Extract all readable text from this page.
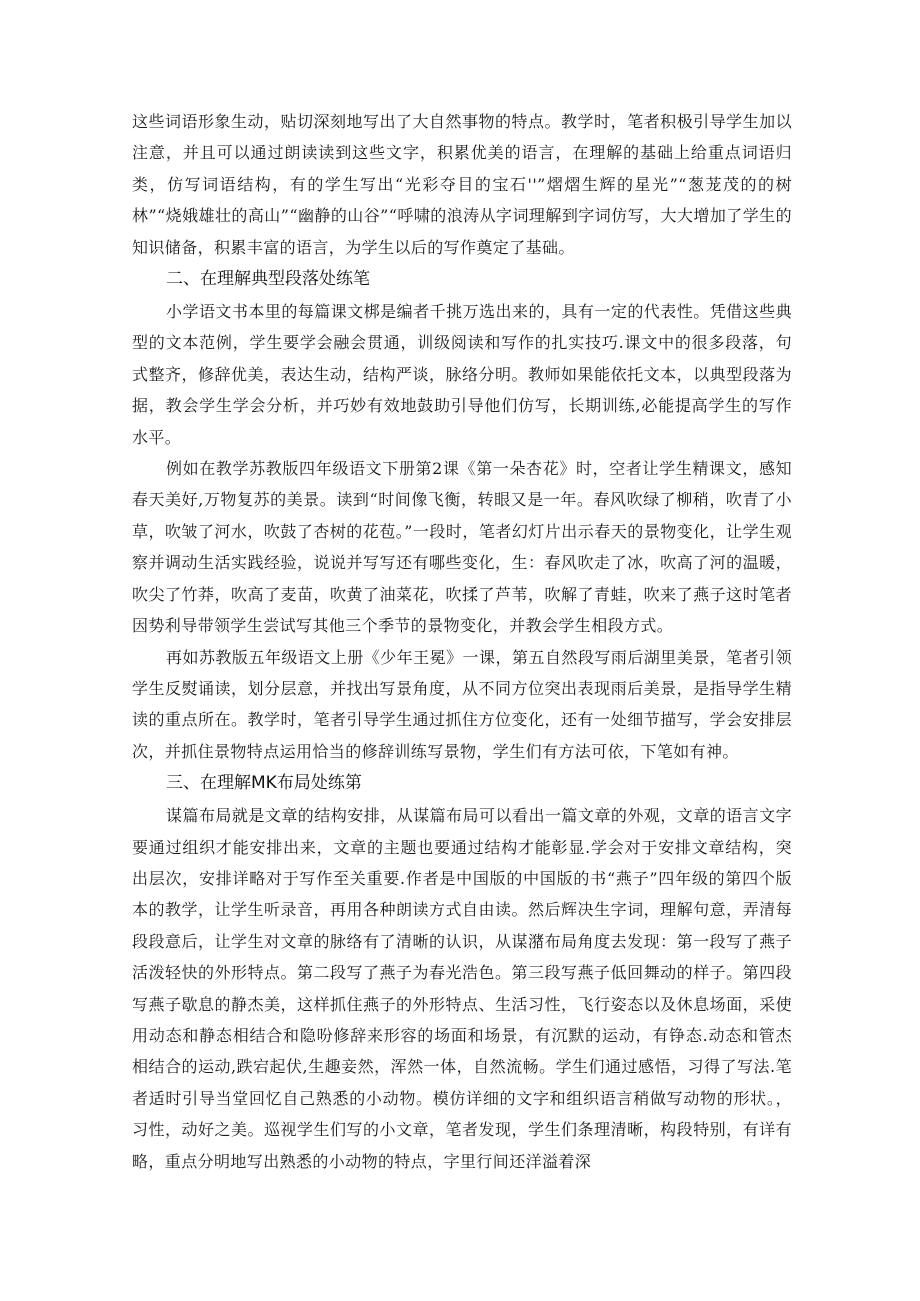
这些词语形象生动，贴切深刻地写出了大自然事物的特点。教学时，笔者积极引导学生加以注意，并且可以通过朗读读到这些文字，积累优美的语言，在理解的基础上给重点词语归类，仿写词语结构，有的学生写出“光彩夺目的宝石''”熠熠生辉的星光”“葱茏茂的的树林”“烧娥雄壮的高山”“幽静的山谷”“呼啸的浪涛从字词理解到字词仿写，大大增加了学生的知识储备，积累丰富的语言，为学生以后的写作奠定了基础。

二、在理解典型段落处练笔

小学语文书本里的每篇课文梆是编者千挑万选出来的，具有一定的代表性。凭借这些典型的文本范例，学生要学会融会贯通，训级阅读和写作的扎实技巧.课文中的很多段落，句式整齐，修辞优美，表达生动，结构严谈，脉络分明。教师如果能依托文本，以典型段落为据，教会学生学会分析，并巧妙有效地鼓助引导他们仿写，长期训练,必能提高学生的写作水平。

例如在教学苏教版四年级语文下册第2课《第一朵杏花》时，空者让学生精课文，感知春天美好,万物复苏的美景。读到“时间像飞衡，转眼又是一年。春风吹绿了柳稍，吹青了小草，吹皱了河水，吹鼓了杏树的花苞。”一段时，笔者幻灯片出示春天的景物变化，让学生观察并调动生活实践经验，说说并写写还有哪些变化，生：春风吹走了冰，吹高了河的温暖，吹尖了竹莽，吹高了麦苗，吹黄了油菜花，吹揉了芦苇，吹解了青蛙，吹来了燕子这时笔者因势利导带领学生尝试写其他三个季节的景物变化，并教会学生相段方式。

再如苏教版五年级语文上册《少年王冕》一课，第五自然段写雨后湖里美景，笔者引领学生反熨诵读，划分层意，并找出写景角度，从不同方位突出表现雨后美景，是指导学生精读的重点所在。教学时，笔者引导学生通过抓住方位变化，还有一处细节描写，学会安排层次，并抓住景物特点运用恰当的修辞训练写景物，学生们有方法可依，下笔如有神。

三、在理解MK布局处练第

谋篇布局就是文章的结构安排，从谋篇布局可以看出一篇文章的外观，文章的语言文字要通过组织才能安排出来，文章的主题也要通过结构才能彰显.学会对于安排文章结构，突出层次，安排详略对于写作至关重要.作者是中国版的中国版的书“燕子”四年级的第四个版本的教学，让学生听录音，再用各种朗读方式自由读。然后辉决生字词，理解句意，弄清每段段意后，让学生对文章的脉络有了清晰的认识，从谋潴布局角度去发现：第一段写了燕子活泼轻快的外形特点。第二段写了燕子为春光浩色。第三段写燕子低回舞动的样子。第四段写燕子歇息的静杰美，这样抓住燕子的外形特点、生活习性，飞行姿态以及休息场面，采使用动态和静态相结合和隐吩修辞来形容的场面和场景，有沉默的运动，有铮态.动态和管杰相结合的运动,跌宕起伏,生趣妾然，浑然一体，自然流畅。学生们通过感悟，习得了写法.笔者适时引导当堂回忆自己熟悉的小动物。模仿详细的文字和组织语言稍做写动物的形状。，习性，动好之美。巡视学生们写的小文章，笔者发现，学生们条理清晰，构段特别，有详有略，重点分明地写出熟悉的小动物的特点，字里行间还洋溢着深
